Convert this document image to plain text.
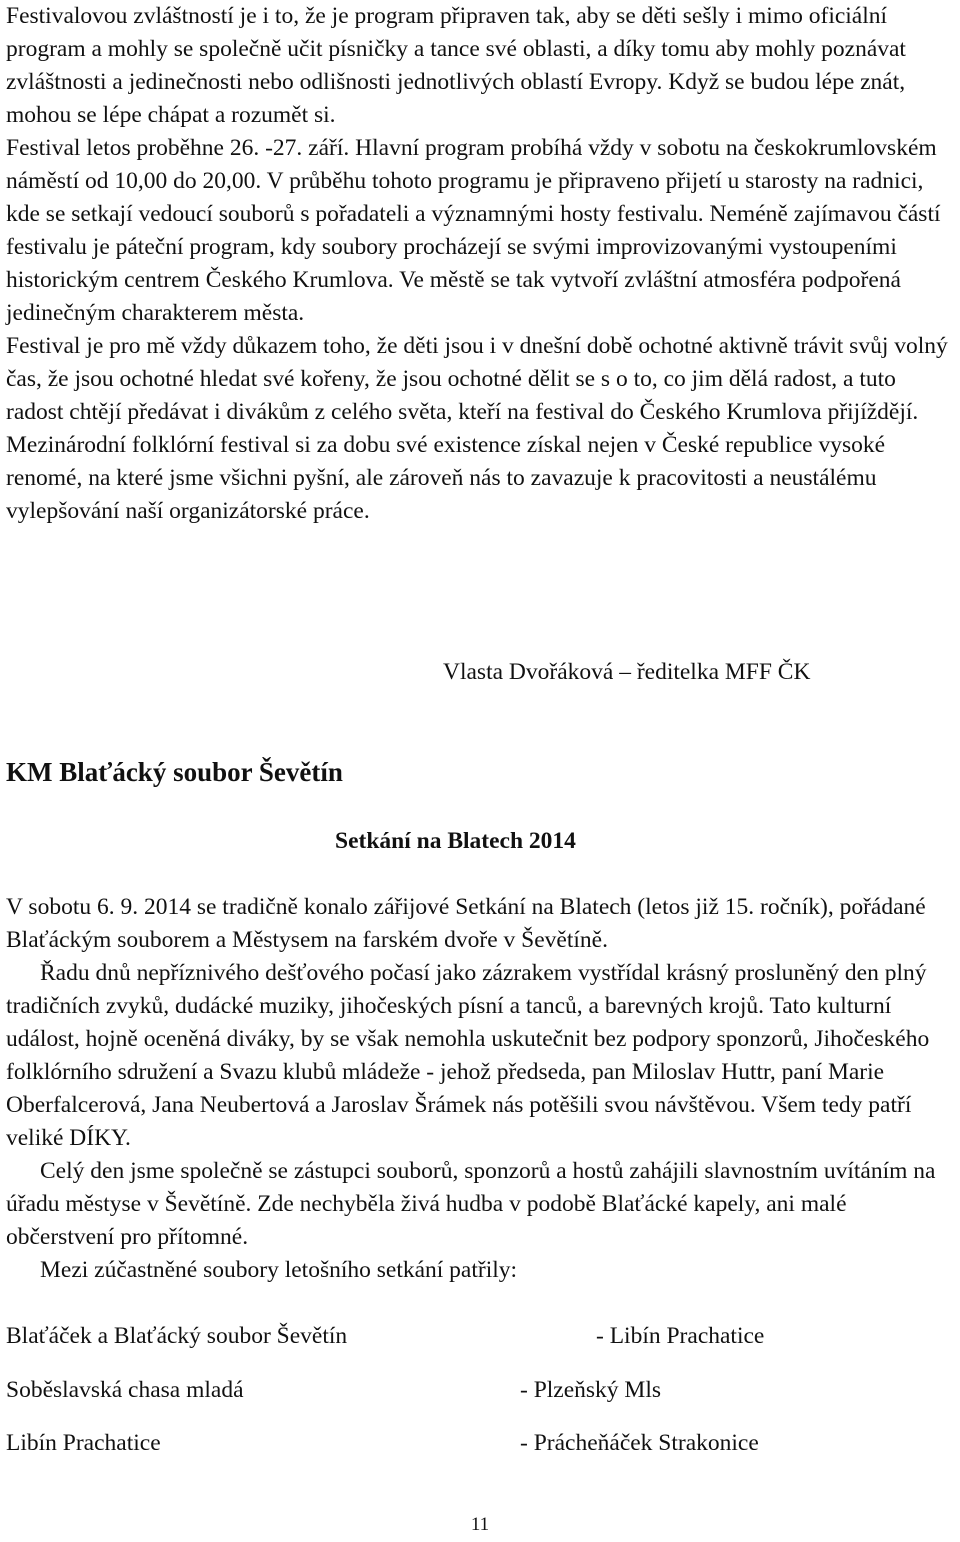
Festivalovou zvláštností je i to, že je program připraven tak, aby se děti sešly i mimo oficiální program a mohly se společně učit písničky a tance své oblasti, a díky tomu aby mohly poznávat zvláštnosti a jedinečnosti nebo odlišnosti jednotlivých oblastí Evropy. Když se budou lépe znát, mohou se lépe chápat a rozumět si.

Festival letos proběhne 26. -27. září. Hlavní program probíhá vždy v sobotu na českokrumlovském náměstí od 10,00 do 20,00. V průběhu tohoto programu je připraveno přijetí u starosty na radnici, kde se setkají vedoucí souborů s pořadateli a významnými hosty festivalu. Neméně zajímavou částí festivalu je páteční program, kdy soubory procházejí se svými improvizovanými vystoupeními historickým centrem Českého Krumlova. Ve městě se tak vytvoří zvláštní atmosféra podpořená jedinečným charakterem města.

Festival je pro mě vždy důkazem toho, že děti jsou i v dnešní době ochotné aktivně trávit svůj volný čas, že jsou ochotné hledat své kořeny, že jsou ochotné dělit se s o to, co jim dělá radost, a tuto radost chtějí předávat i divákům z celého světa, kteří na festival do Českého Krumlova přijíždějí.

Mezinárodní folklórní festival si za dobu své existence získal nejen v České republice vysoké renomé, na které jsme všichni pyšní, ale zároveň nás to zavazuje k pracovitosti a neustálému vylepšování naší organizátorské práce.

Vlasta Dvořáková – ředitelka MFF ČK
KM Blaťácký soubor Ševětín
Setkání na Blatech 2014

V sobotu 6. 9. 2014 se tradičně konalo zářijové Setkání na Blatech (letos již 15. ročník), pořádané Blaťáckým souborem a Městysem na farském dvoře v Ševětíně.

Řadu dnů nepříznivého dešťového počasí jako zázrakem vystřídal krásný prosluněný den plný tradičních zvyků, dudácké muziky, jihočeských písní a tanců, a barevných krojů. Tato kulturní událost, hojně oceněná diváky, by se však nemohla uskutečnit bez podpory sponzorů, Jihočeského folklórního sdružení a Svazu klubů mládeže - jehož předseda, pan Miloslav Huttr, paní Marie Oberfalcerová, Jana Neubertová a Jaroslav Šrámek nás potěšili svou návštěvou. Všem tedy patří veliké DÍKY.

Celý den jsme společně se zástupci souborů, sponzorů a hostů zahájili slavnostním uvítáním na úřadu městyse v Ševětíně. Zde nechyběla živá hudba v podobě Blaťácké kapely, ani malé občerstvení pro přítomné.

Mezi zúčastněné soubory letošního setkání patřily:

Blaťáček a Blaťácký soubor Ševětín	- Libín Prachatice
Soběslavská chasa mladá	- Plzeňský Mls
Libín Prachatice	- Prácheňáček Strakonice
11
